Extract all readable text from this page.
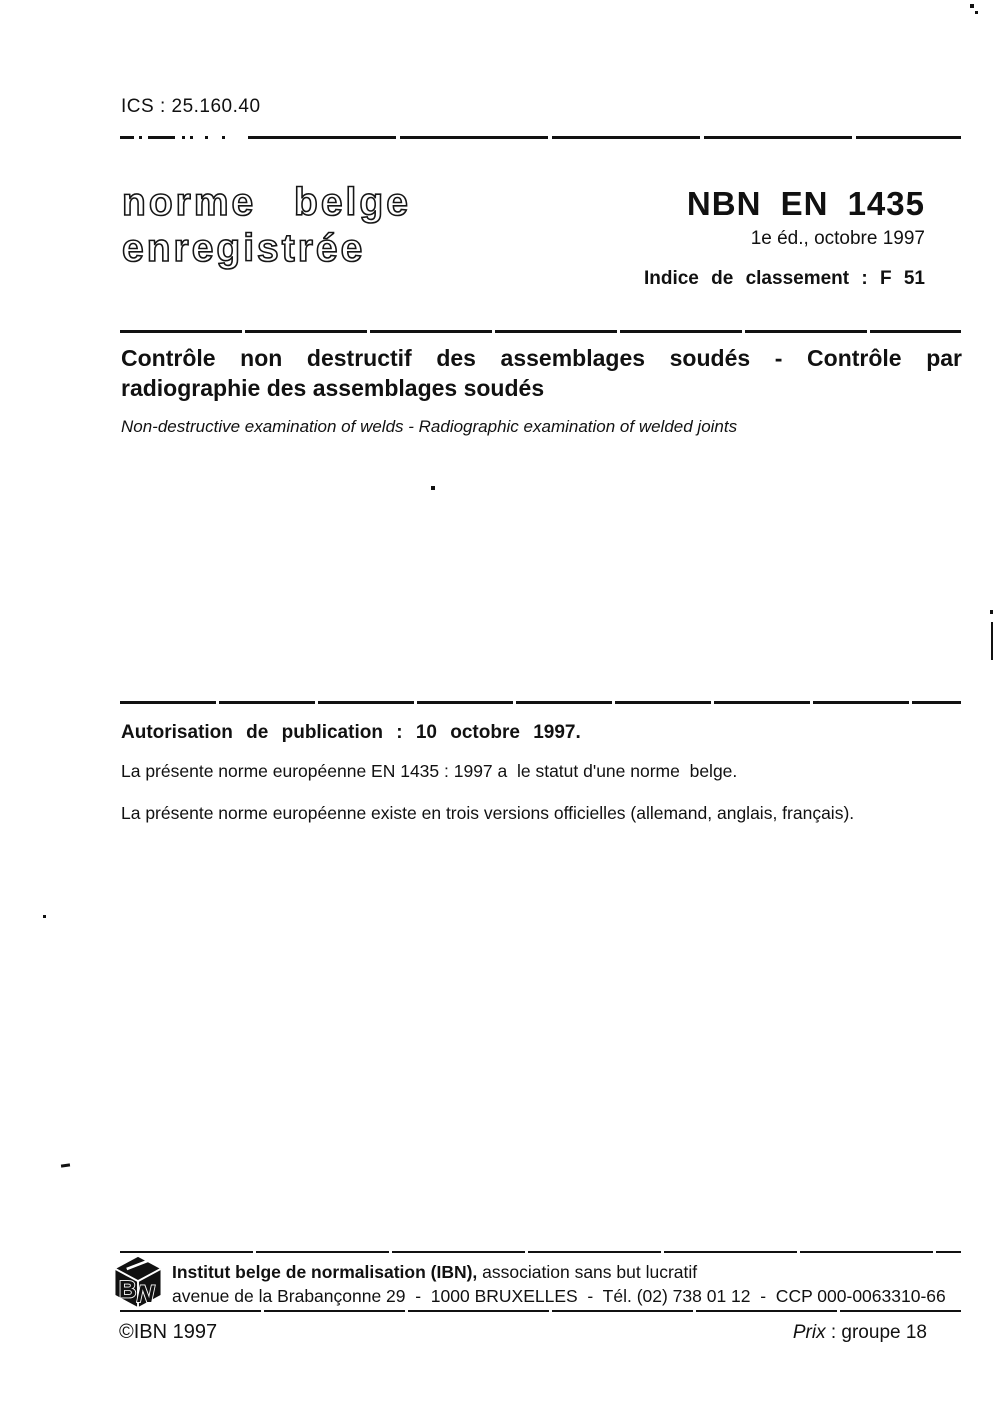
ICS : 25.160.40
norme belge
enregistrée
NBN EN 1435
1e éd., octobre 1997
Indice de classement : F 51
Contrôle non destructif des assemblages soudés - Contrôle par
radiographie des assemblages soudés
Non-destructive examination of welds - Radiographic examination of welded joints
Autorisation de publication : 10 octobre 1997.

La présente norme européenne EN 1435 : 1997 a  le statut d'une norme  belge.

La présente norme européenne existe en trois versions officielles (allemand, anglais, français).

B
N
Institut belge de normalisation (IBN), association sans but lucratif
avenue de la Brabançonne 29  -  1000 BRUXELLES  -  Tél. (02) 738 01 12  -  CCP 000-0063310-66
©IBN 1997	Prix : groupe 18
